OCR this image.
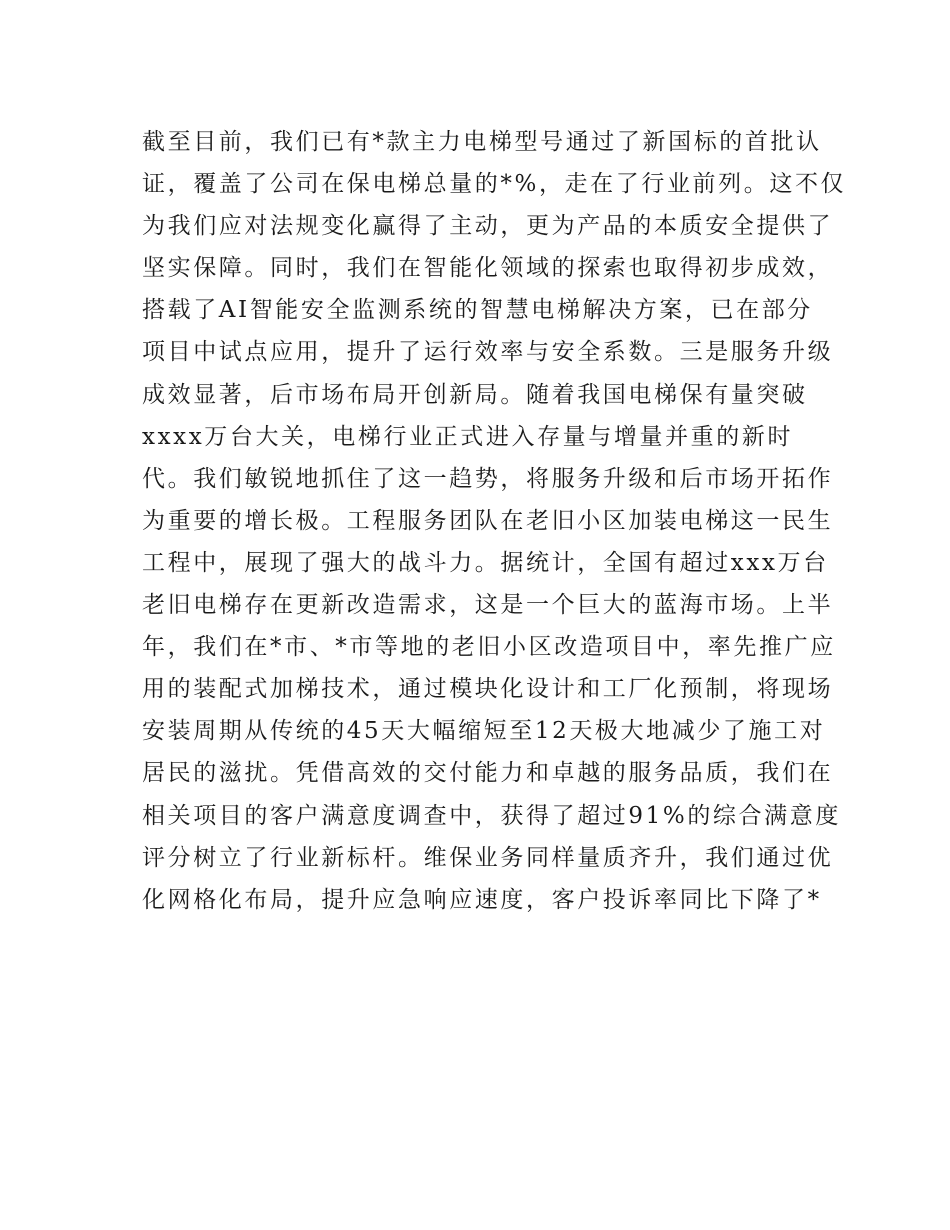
截至目前，我们已有*款主力电梯型号通过了新国标的首批认
证，覆盖了公司在保电梯总量的*%，走在了行业前列。这不仅
为我们应对法规变化赢得了主动，更为产品的本质安全提供了
坚实保障。同时，我们在智能化领域的探索也取得初步成效，
搭载了AI智能安全监测系统的智慧电梯解决方案，已在部分
项目中试点应用，提升了运行效率与安全系数。三是服务升级
成效显著，后市场布局开创新局。随着我国电梯保有量突破
xxxx万台大关，电梯行业正式进入存量与增量并重的新时
代。我们敏锐地抓住了这一趋势，将服务升级和后市场开拓作
为重要的增长极。工程服务团队在老旧小区加装电梯这一民生
工程中，展现了强大的战斗力。据统计，全国有超过xxx万台
老旧电梯存在更新改造需求，这是一个巨大的蓝海市场。上半
年，我们在*市、*市等地的老旧小区改造项目中，率先推广应
用的装配式加梯技术，通过模块化设计和工厂化预制，将现场
安装周期从传统的45天大幅缩短至12天极大地减少了施工对
居民的滋扰。凭借高效的交付能力和卓越的服务品质，我们在
相关项目的客户满意度调查中，获得了超过91%的综合满意度
评分树立了行业新标杆。维保业务同样量质齐升，我们通过优
化网格化布局，提升应急响应速度，客户投诉率同比下降了*
